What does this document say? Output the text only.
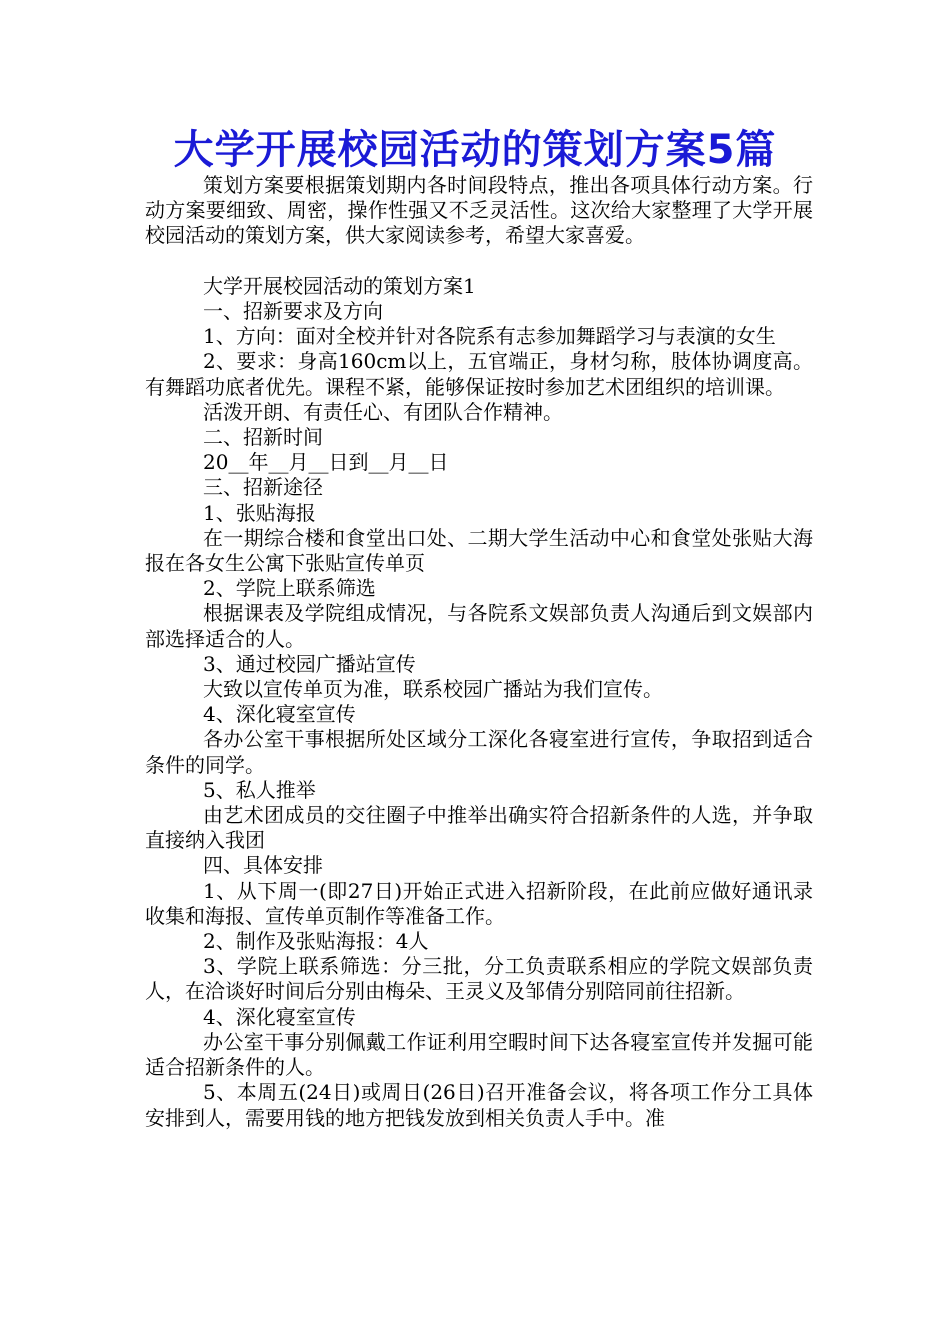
大学开展校园活动的策划方案5篇

策划方案要根据策划期内各时间段特点，推出各项具体行动方案。行动方案要细致、周密，操作性强又不乏灵活性。这次给大家整理了大学开展校园活动的策划方案，供大家阅读参考，希望大家喜爱。

大学开展校园活动的策划方案1

一、招新要求及方向

1、方向：面对全校并针对各院系有志参加舞蹈学习与表演的女生

2、要求：身高160cm以上，五官端正，身材匀称，肢体协调度高。有舞蹈功底者优先。课程不紧，能够保证按时参加艺术团组织的培训课。

活泼开朗、有责任心、有团队合作精神。

二、招新时间

20__年__月__日到__月__日

三、招新途径

1、张贴海报

在一期综合楼和食堂出口处、二期大学生活动中心和食堂处张贴大海报在各女生公寓下张贴宣传单页

2、学院上联系筛选

根据课表及学院组成情况，与各院系文娱部负责人沟通后到文娱部内部选择适合的人。

3、通过校园广播站宣传

大致以宣传单页为准，联系校园广播站为我们宣传。

4、深化寝室宣传

各办公室干事根据所处区域分工深化各寝室进行宣传，争取招到适合条件的同学。

5、私人推举

由艺术团成员的交往圈子中推举出确实符合招新条件的人选，并争取直接纳入我团

四、具体安排

1、从下周一(即27日)开始正式进入招新阶段，在此前应做好通讯录收集和海报、宣传单页制作等准备工作。

2、制作及张贴海报：4人

3、学院上联系筛选：分三批，分工负责联系相应的学院文娱部负责人，在洽谈好时间后分别由梅朵、王灵义及邹倩分别陪同前往招新。

4、深化寝室宣传

办公室干事分别佩戴工作证利用空暇时间下达各寝室宣传并发掘可能适合招新条件的人。

5、本周五(24日)或周日(26日)召开准备会议，将各项工作分工具体安排到人，需要用钱的地方把钱发放到相关负责人手中。准
